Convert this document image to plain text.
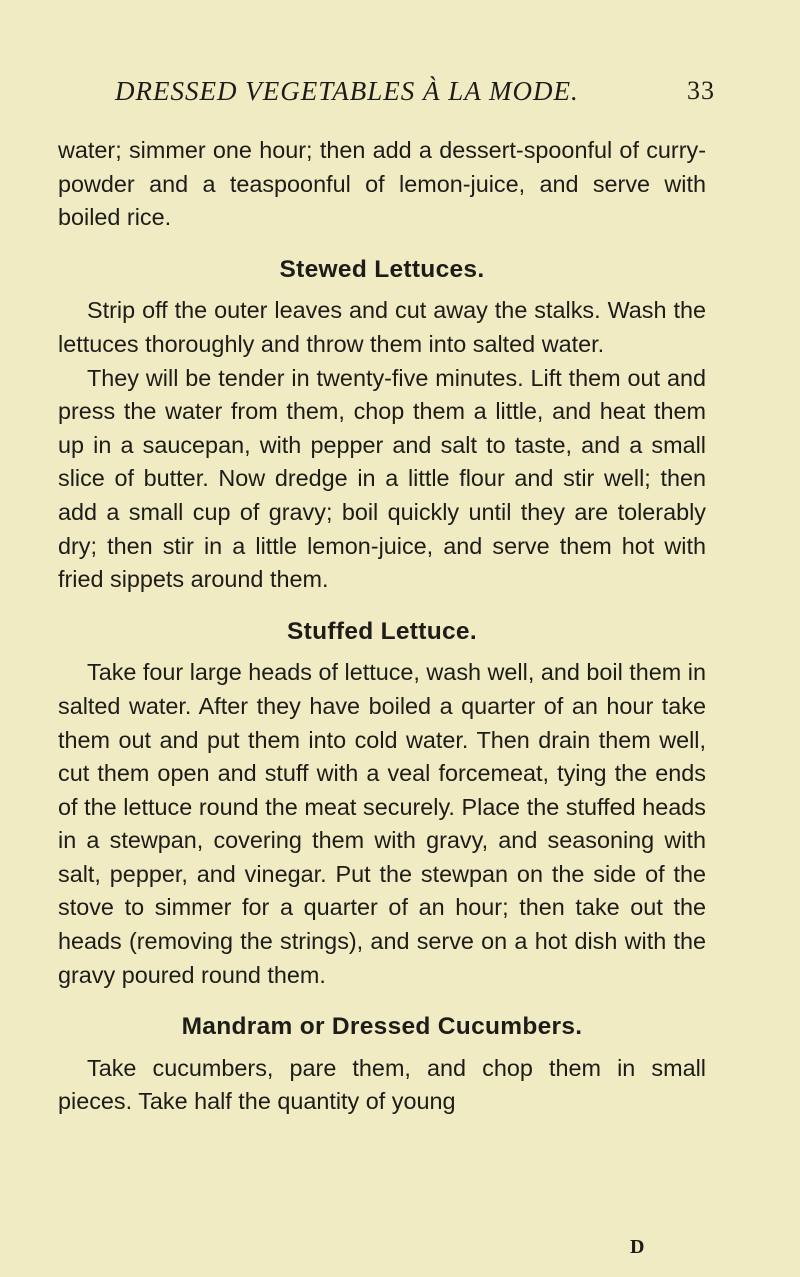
DRESSED VEGETABLES À LA MODE.	33

water; simmer one hour; then add a dessert-spoonful of curry-powder and a teaspoonful of lemon-juice, and serve with boiled rice.

Stewed Lettuces.

Strip off the outer leaves and cut away the stalks. Wash the lettuces thoroughly and throw them into salted water.

They will be tender in twenty-five minutes. Lift them out and press the water from them, chop them a little, and heat them up in a saucepan, with pepper and salt to taste, and a small slice of butter. Now dredge in a little flour and stir well; then add a small cup of gravy; boil quickly until they are tolerably dry; then stir in a little lemon-juice, and serve them hot with fried sippets around them.

Stuffed Lettuce.

Take four large heads of lettuce, wash well, and boil them in salted water. After they have boiled a quarter of an hour take them out and put them into cold water. Then drain them well, cut them open and stuff with a veal forcemeat, tying the ends of the lettuce round the meat securely. Place the stuffed heads in a stewpan, covering them with gravy, and seasoning with salt, pepper, and vinegar. Put the stewpan on the side of the stove to simmer for a quarter of an hour; then take out the heads (removing the strings), and serve on a hot dish with the gravy poured round them.

Mandram or Dressed Cucumbers.

Take cucumbers, pare them, and chop them in small pieces. Take half the quantity of young

D
